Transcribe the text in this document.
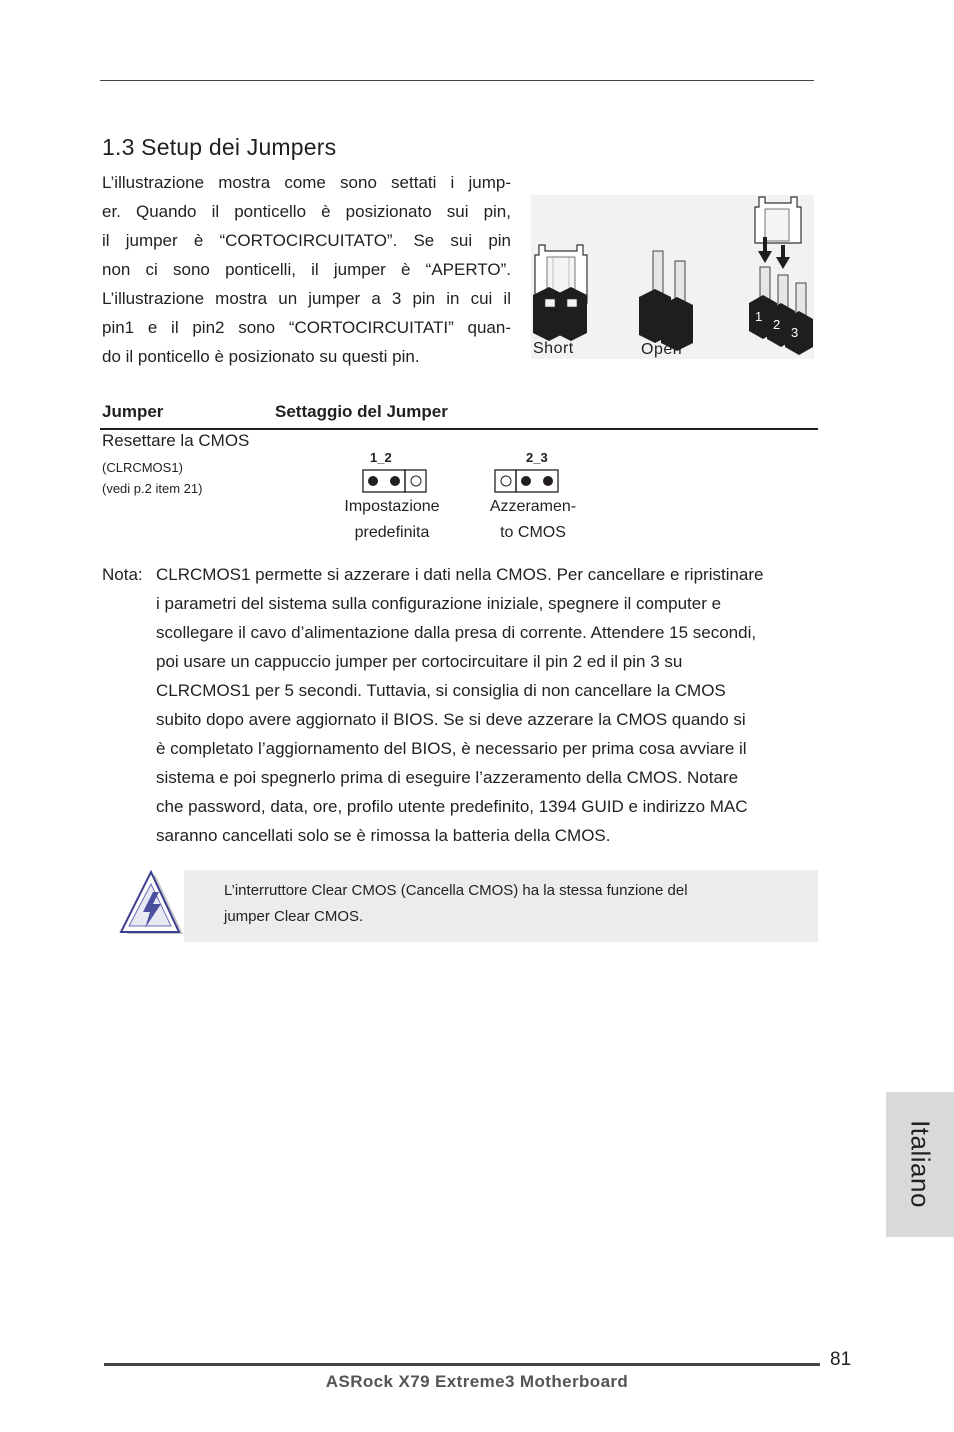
1.3 Setup dei Jumpers

L’illustrazione mostra come sono settati i jump-

er. Quando il ponticello è posizionato sui pin,

il jumper è “CORTOCIRCUITATO”. Se sui pin

non ci sono ponticelli, il jumper è “APERTO”.

L’illustrazione mostra un jumper a 3 pin in cui il

pin1 e il pin2 sono “CORTOCIRCUITATI” quan-

do il ponticello è posizionato su questi pin.

1
2
3
Short	Open
Jumper	Settaggio del Jumper
Resettare la CMOS
(CLRCMOS1)
(vedi p.2 item 21)
1_2
Impostazione
predefinita
2_3
Azzeramen-
to CMOS
Nota: CLRCMOS1 permette si azzerare i dati nella CMOS. Per cancellare e ripristinare

i parametri del sistema sulla configurazione iniziale, spegnere il computer e

scollegare il cavo d’alimentazione dalla presa di corrente. Attendere 15 secondi,

poi usare un cappuccio jumper per cortocircuitare il pin 2 ed il pin 3 su

CLRCMOS1 per 5 secondi. Tuttavia, si consiglia di non cancellare la CMOS

subito dopo avere aggiornato il BIOS. Se si deve azzerare la CMOS quando si

è completato l’aggiornamento del BIOS, è necessario per prima cosa avviare il

sistema e poi spegnerlo prima di eseguire l’azzeramento della CMOS. Notare

che password, data, ore, profilo utente predefinito, 1394 GUID e indirizzo MAC

saranno cancellati solo se è rimossa la batteria della CMOS.

L’interruttore Clear CMOS (Cancella CMOS) ha la stessa funzione del
jumper Clear CMOS.
Italiano
81
ASRock X79 Extreme3 Motherboard
